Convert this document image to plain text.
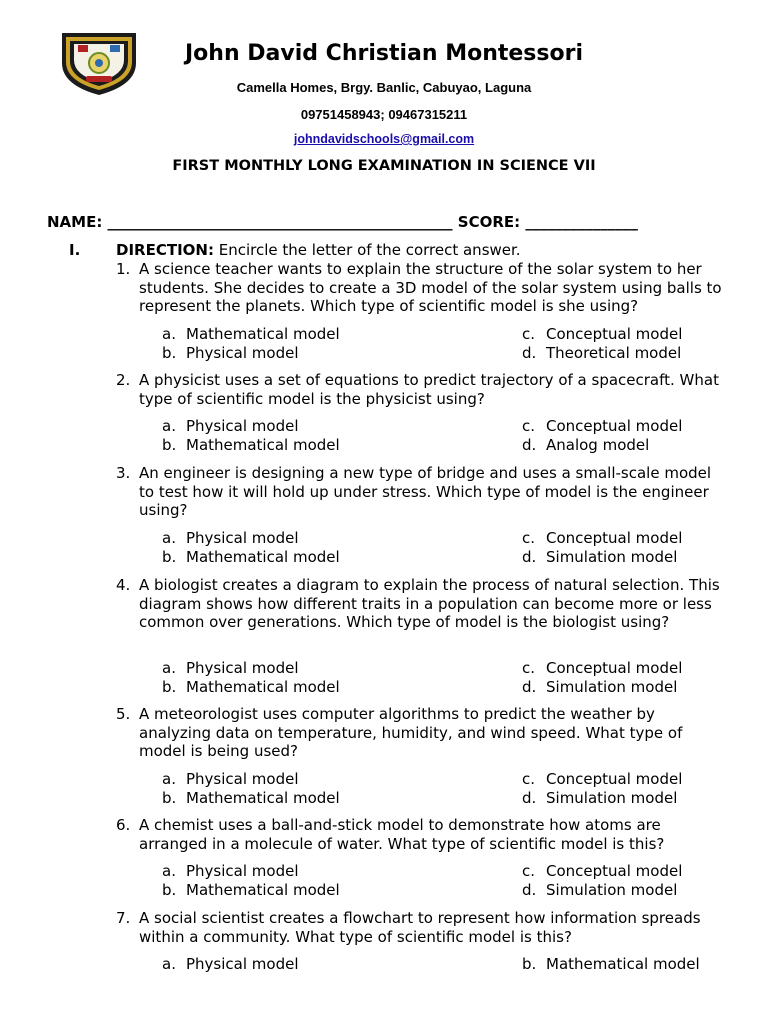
John David Christian Montessori
Camella Homes, Brgy. Banlic, Cabuyao, Laguna
09751458943; 09467315211
johndavidschools@gmail.com
FIRST MONTHLY LONG EXAMINATION IN SCIENCE VII
NAME: ______________________________________________ SCORE: _______________
I. DIRECTION: Encircle the letter of the correct answer.
1. A science teacher wants to explain the structure of the solar system to her students. She decides to create a 3D model of the solar system using balls to represent the planets. Which type of scientific model is she using?
a. Mathematical model
b. Physical model
c. Conceptual model
d. Theoretical model
2. A physicist uses a set of equations to predict trajectory of a spacecraft. What type of scientific model is the physicist using?
a. Physical model
b. Mathematical model
c. Conceptual model
d. Analog model
3. An engineer is designing a new type of bridge and uses a small-scale model to test how it will hold up under stress. Which type of model is the engineer using?
a. Physical model
b. Mathematical model
c. Conceptual model
d. Simulation model
4. A biologist creates a diagram to explain the process of natural selection. This diagram shows how different traits in a population can become more or less common over generations. Which type of model is the biologist using?
a. Physical model
b. Mathematical model
c. Conceptual model
d. Simulation model
5. A meteorologist uses computer algorithms to predict the weather by analyzing data on temperature, humidity, and wind speed. What type of model is being used?
a. Physical model
b. Mathematical model
c. Conceptual model
d. Simulation model
6. A chemist uses a ball-and-stick model to demonstrate how atoms are arranged in a molecule of water. What type of scientific model is this?
a. Physical model
b. Mathematical model
c. Conceptual model
d. Simulation model
7. A social scientist creates a flowchart to represent how information spreads within a community. What type of scientific model is this?
a. Physical model	b. Mathematical model
